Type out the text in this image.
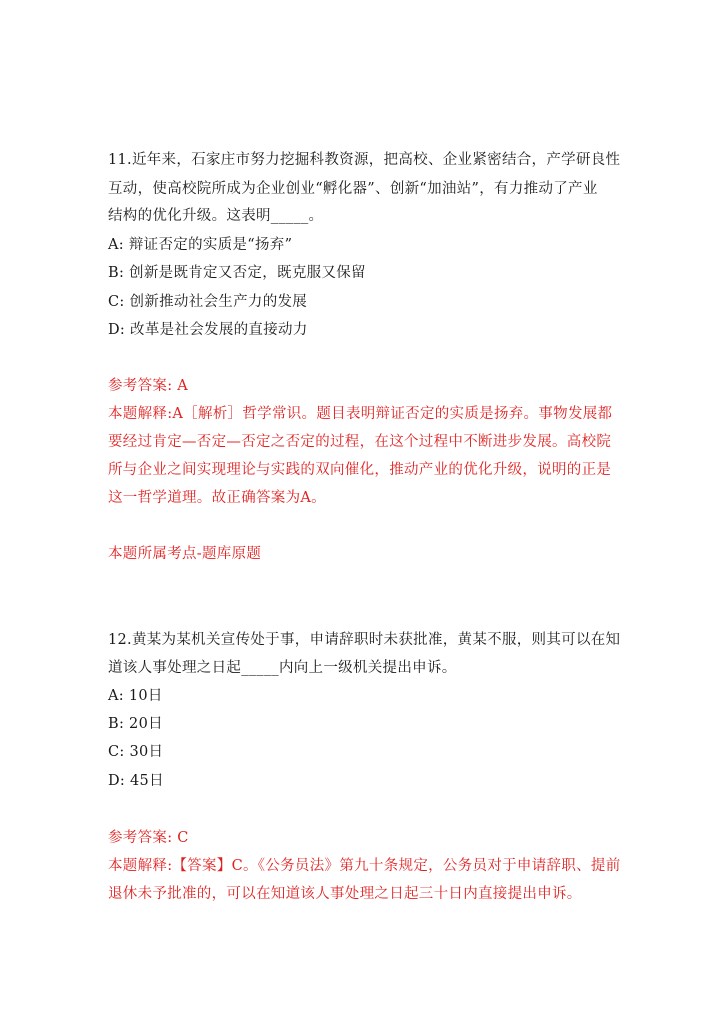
11.近年来，石家庄市努力挖掘科教资源，把高校、企业紧密结合，产学研良性
互动，使高校院所成为企业创业“孵化器”、创新“加油站”，有力推动了产业
结构的优化升级。这表明_____。
A: 辩证否定的实质是“扬弃”
B: 创新是既肯定又否定，既克服又保留
C: 创新推动社会生产力的发展
D: 改革是社会发展的直接动力
参考答案: A
本题解释:A［解析］哲学常识。题目表明辩证否定的实质是扬弃。事物发展都
要经过肯定—否定—否定之否定的过程，在这个过程中不断进步发展。高校院
所与企业之间实现理论与实践的双向催化，推动产业的优化升级，说明的正是
这一哲学道理。故正确答案为A。
本题所属考点-题库原题
12.黄某为某机关宣传处于事，申请辞职时未获批准，黄某不服，则其可以在知
道该人事处理之日起_____内向上一级机关提出申诉。
A: 10日
B: 20日
C: 30日
D: 45日
参考答案: C
本题解释:【答案】C。《公务员法》第九十条规定，公务员对于申请辞职、提前
退休未予批准的，可以在知道该人事处理之日起三十日内直接提出申诉。
